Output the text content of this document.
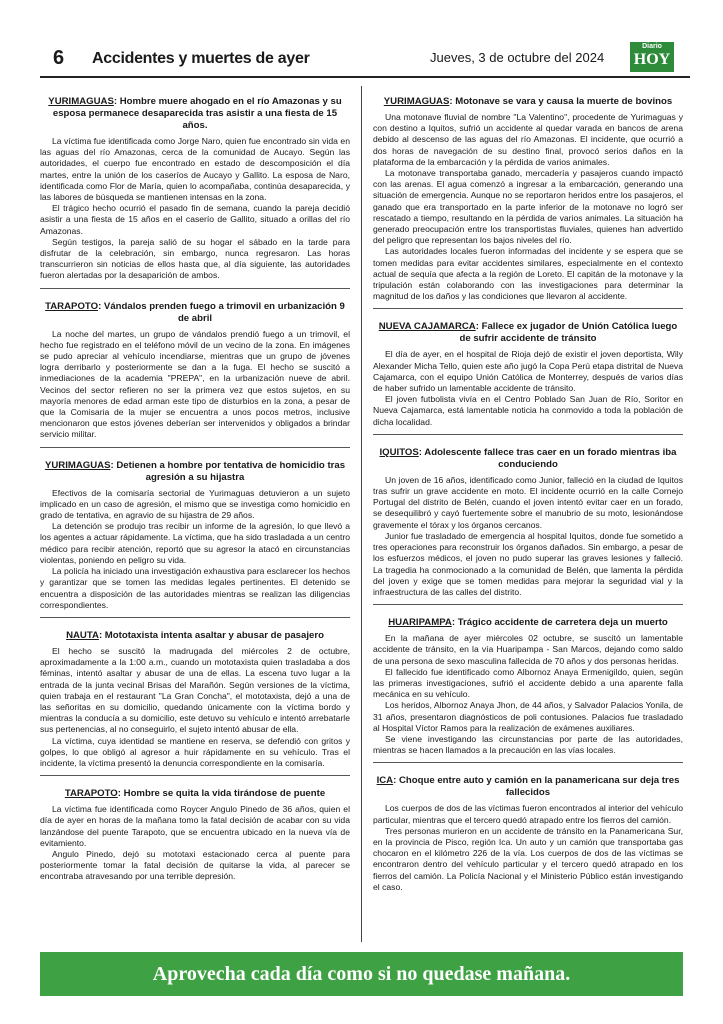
6 Accidentes y muertes de ayer	Jueves, 3 de octubre del 2024
Diario
HOY
YURIMAGUAS: Hombre muere ahogado en el río Amazonas y su esposa permanece desaparecida tras asistir a una fiesta de 15 años.

La víctima fue identificada como Jorge Naro, quien fue encontrado sin vida en las aguas del río Amazonas, cerca de la comunidad de Aucayo. Según las autoridades, el cuerpo fue encontrado en estado de descomposición el día martes, entre la unión de los caseríos de Aucayo y Gallito. La esposa de Naro, identificada como Flor de María, quien lo acompañaba, continúa desaparecida, y las labores de búsqueda se mantienen intensas en la zona.

El trágico hecho ocurrió el pasado fin de semana, cuando la pareja decidió asistir a una fiesta de 15 años en el caserío de Gallito, situado a orillas del río Amazonas.

Según testigos, la pareja salió de su hogar el sábado en la tarde para disfrutar de la celebración, sin embargo, nunca regresaron. Las horas transcurrieron sin noticias de ellos hasta que, al día siguiente, las autoridades fueron alertadas por la desaparición de ambos.

TARAPOTO: Vándalos prenden fuego a trimovil en urbanización 9 de abril

La noche del martes, un grupo de vándalos prendió fuego a un trimovil, el hecho fue registrado en el teléfono móvil de un vecino de la zona. En imágenes se pudo apreciar al vehículo incendiarse, mientras que un grupo de jóvenes logra derribarlo y posteriormente se dan a la fuga. El hecho se suscitó a inmediaciones de la academia "PREPA", en la urbanización nueve de abril. Vecinos del sector refieren no ser la primera vez que estos sujetos, en su mayoría menores de edad arman este tipo de disturbios en la zona, a pesar de que la Comisaria de la mujer se encuentra a unos pocos metros, inclusive mencionaron que estos jóvenes deberían ser intervenidos y obligados a brindar servicio militar.

YURIMAGUAS: Detienen a hombre por tentativa de homicidio tras agresión a su hijastra

Efectivos de la comisaría sectorial de Yurimaguas detuvieron a un sujeto implicado en un caso de agresión, el mismo que se investiga como homicidio en grado de tentativa, en agravio de su hijastra de 29 años.

La detención se produjo tras recibir un informe de la agresión, lo que llevó a los agentes a actuar rápidamente. La víctima, que ha sido trasladada a un centro médico para recibir atención, reportó que su agresor la atacó en circunstancias violentas, poniendo en peligro su vida.

La policía ha iniciado una investigación exhaustiva para esclarecer los hechos y garantizar que se tomen las medidas legales pertinentes. El detenido se encuentra a disposición de las autoridades mientras se realizan las diligencias correspondientes.

NAUTA: Mototaxista intenta asaltar y abusar de pasajero

El hecho se suscitó la madrugada del miércoles 2 de octubre, aproximadamente a la 1:00 a.m., cuando un mototaxista quien trasladaba a dos féminas, intentó asaltar y abusar de una de ellas. La escena tuvo lugar a la entrada de la junta vecinal Brisas del Marañón. Según versiones de la víctima, quien trabaja en el restaurant "La Gran Concha", el mototaxista, dejó a una de las señoritas en su domicilio, quedando únicamente con la víctima bordo y mientras la conducía a su domicilio, este detuvo su vehículo e intentó arrebatarle sus pertenencias, al no conseguirlo, el sujeto intentó abusar de ella.

La víctima, cuya identidad se mantiene en reserva, se defendió con gritos y golpes, lo que obligó al agresor a huir rápidamente en su vehículo. Tras el incidente, la víctima presentó la denuncia correspondiente en la comisaría.

TARAPOTO: Hombre se quita la vida tirándose de puente

La víctima fue identificada como Roycer Angulo Pinedo de 36 años, quien el día de ayer en horas de la mañana tomo la fatal decisión de acabar con su vida lanzándose del puente Tarapoto, que se encuentra ubicado en la nueva vía de evitamiento.

Angulo Pinedo, dejó su mototaxi estacionado cerca al puente para posteriormente tomar la fatal decisión de quitarse la vida, al parecer se encontraba atravesando por una terrible depresión.

YURIMAGUAS: Motonave se vara y causa la muerte de bovinos

Una motonave fluvial de nombre "La Valentino", procedente de Yurimaguas y con destino a Iquitos, sufrió un accidente al quedar varada en bancos de arena debido al descenso de las aguas del río Amazonas. El incidente, que ocurrió a dos horas de navegación de su destino final, provocó serios daños en la plataforma de la embarcación y la pérdida de varios animales.

La motonave transportaba ganado, mercadería y pasajeros cuando impactó con las arenas. El agua comenzó a ingresar a la embarcación, generando una situación de emergencia. Aunque no se reportaron heridos entre los pasajeros, el ganado que era transportado en la parte inferior de la motonave no logró ser rescatado a tiempo, resultando en la pérdida de varios animales. La situación ha generado preocupación entre los transportistas fluviales, quienes han advertido del peligro que representan los bajos niveles del río.

Las autoridades locales fueron informadas del incidente y se espera que se tomen medidas para evitar accidentes similares, especialmente en el contexto actual de sequía que afecta a la región de Loreto. El capitán de la motonave y la tripulación están colaborando con las investigaciones para determinar la magnitud de los daños y las condiciones que llevaron al accidente.

NUEVA CAJAMARCA: Fallece ex jugador de Unión Católica luego de sufrir accidente de tránsito

El día de ayer, en el hospital de Rioja dejó de existir el joven deportista, Wily Alexander Micha Tello, quien este año jugó la Copa Perú etapa distrital de Nueva Cajamarca, con el equipo Unión Católica de Monterrey, después de varios días de haber sufrido un lamentable accidente de tránsito.

El joven futbolista vivía en el Centro Poblado San Juan de Río, Soritor en Nueva Cajamarca, está lamentable noticia ha conmovido a toda la población de dicha localidad.

IQUITOS: Adolescente fallece tras caer en un forado mientras iba conduciendo

Un joven de 16 años, identificado como Junior, falleció en la ciudad de Iquitos tras sufrir un grave accidente en moto. El incidente ocurrió en la calle Cornejo Portugal del distrito de Belén, cuando el joven intentó evitar caer en un forado, se desequilibró y cayó fuertemente sobre el manubrio de su moto, lesionándose gravemente el tórax y los órganos cercanos.

Junior fue trasladado de emergencia al hospital Iquitos, donde fue sometido a tres operaciones para reconstruir los órganos dañados. Sin embargo, a pesar de los esfuerzos médicos, el joven no pudo superar las graves lesiones y falleció. La tragedia ha conmocionado a la comunidad de Belén, que lamenta la pérdida del joven y exige que se tomen medidas para mejorar la seguridad vial y la infraestructura de las calles del distrito.

HUARIPAMPA: Trágico accidente de carretera deja un muerto

En la mañana de ayer miércoles 02 octubre, se suscitó un lamentable accidente de tránsito, en la vía Huaripampa - San Marcos, dejando como saldo de una persona de sexo masculina fallecida de 70 años y dos personas heridas.

El fallecido fue identificado como Albornoz Anaya Ermenigildo, quien, según las primeras investigaciones, sufrió el accidente debido a una aparente falla mecánica en su vehículo.

Los heridos, Albornoz Anaya Jhon, de 44 años, y Salvador Palacios Yonila, de 31 años, presentaron diagnósticos de poli contusiones. Palacios fue trasladado al Hospital Víctor Ramos para la realización de exámenes auxiliares.

Se viene investigando las circunstancias por parte de las autoridades, mientras se hacen llamados a la precaución en las vías locales.

ICA: Choque entre auto y camión en la panamericana sur deja tres fallecidos

Los cuerpos de dos de las víctimas fueron encontrados al interior del vehículo particular, mientras que el tercero quedó atrapado entre los fierros del camión.

Tres personas murieron en un accidente de tránsito en la Panamericana Sur, en la provincia de Pisco, región Ica. Un auto y un camión que transportaba gas chocaron en el kilómetro 226 de la vía. Los cuerpos de dos de las víctimas se encontraron dentro del vehículo particular y el tercero quedó atrapado en los fierros del camión. La Policía Nacional y el Ministerio Público están investigando el caso.

Aprovecha cada día como si no quedase mañana.
